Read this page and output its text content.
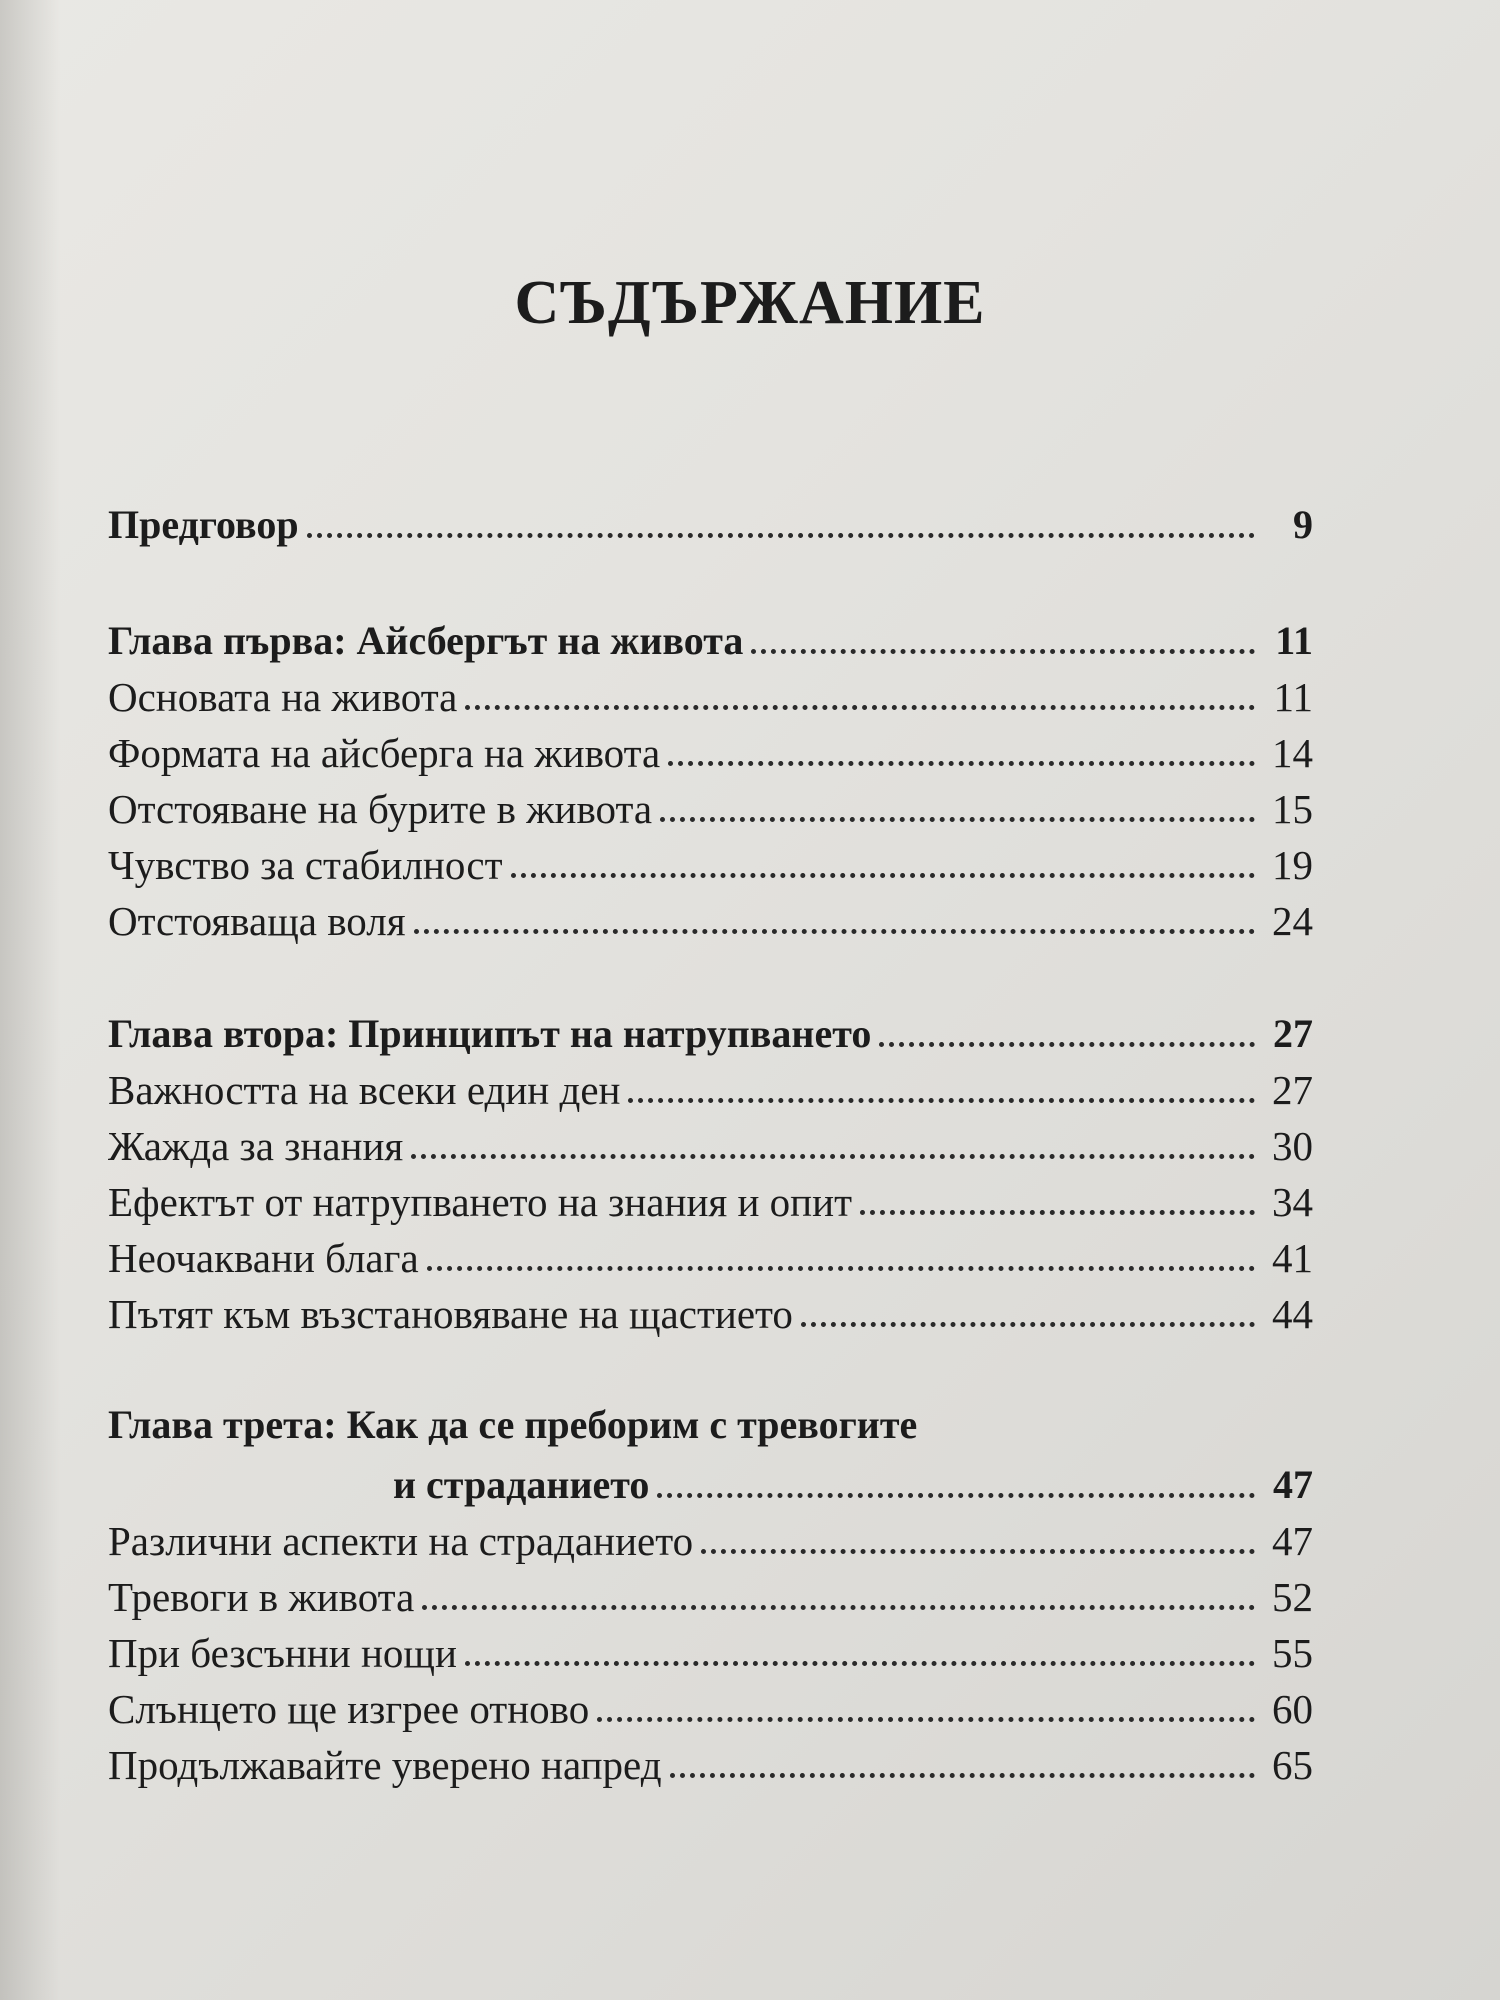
СЪДЪРЖАНИЕ
Предговор	9
Глава първа: Айсбергът на живота	11
Основата на живота	11
Формата на айсберга на живота	14
Отстояване на бурите в живота	15
Чувство за стабилност	19
Отстояваща воля	24
Глава втора: Принципът на натрупването	27
Важността на всеки един ден	27
Жажда за знания	30
Ефектът от натрупването на знания и опит	34
Неочаквани блага	41
Пътят към възстановяване на щастието	44
Глава трета: Как да се преборим с тревогите
и страданието	47
Различни аспекти на страданието	47
Тревоги в живота	52
При безсънни нощи	55
Слънцето ще изгрее отново	60
Продължавайте уверено напред	65
